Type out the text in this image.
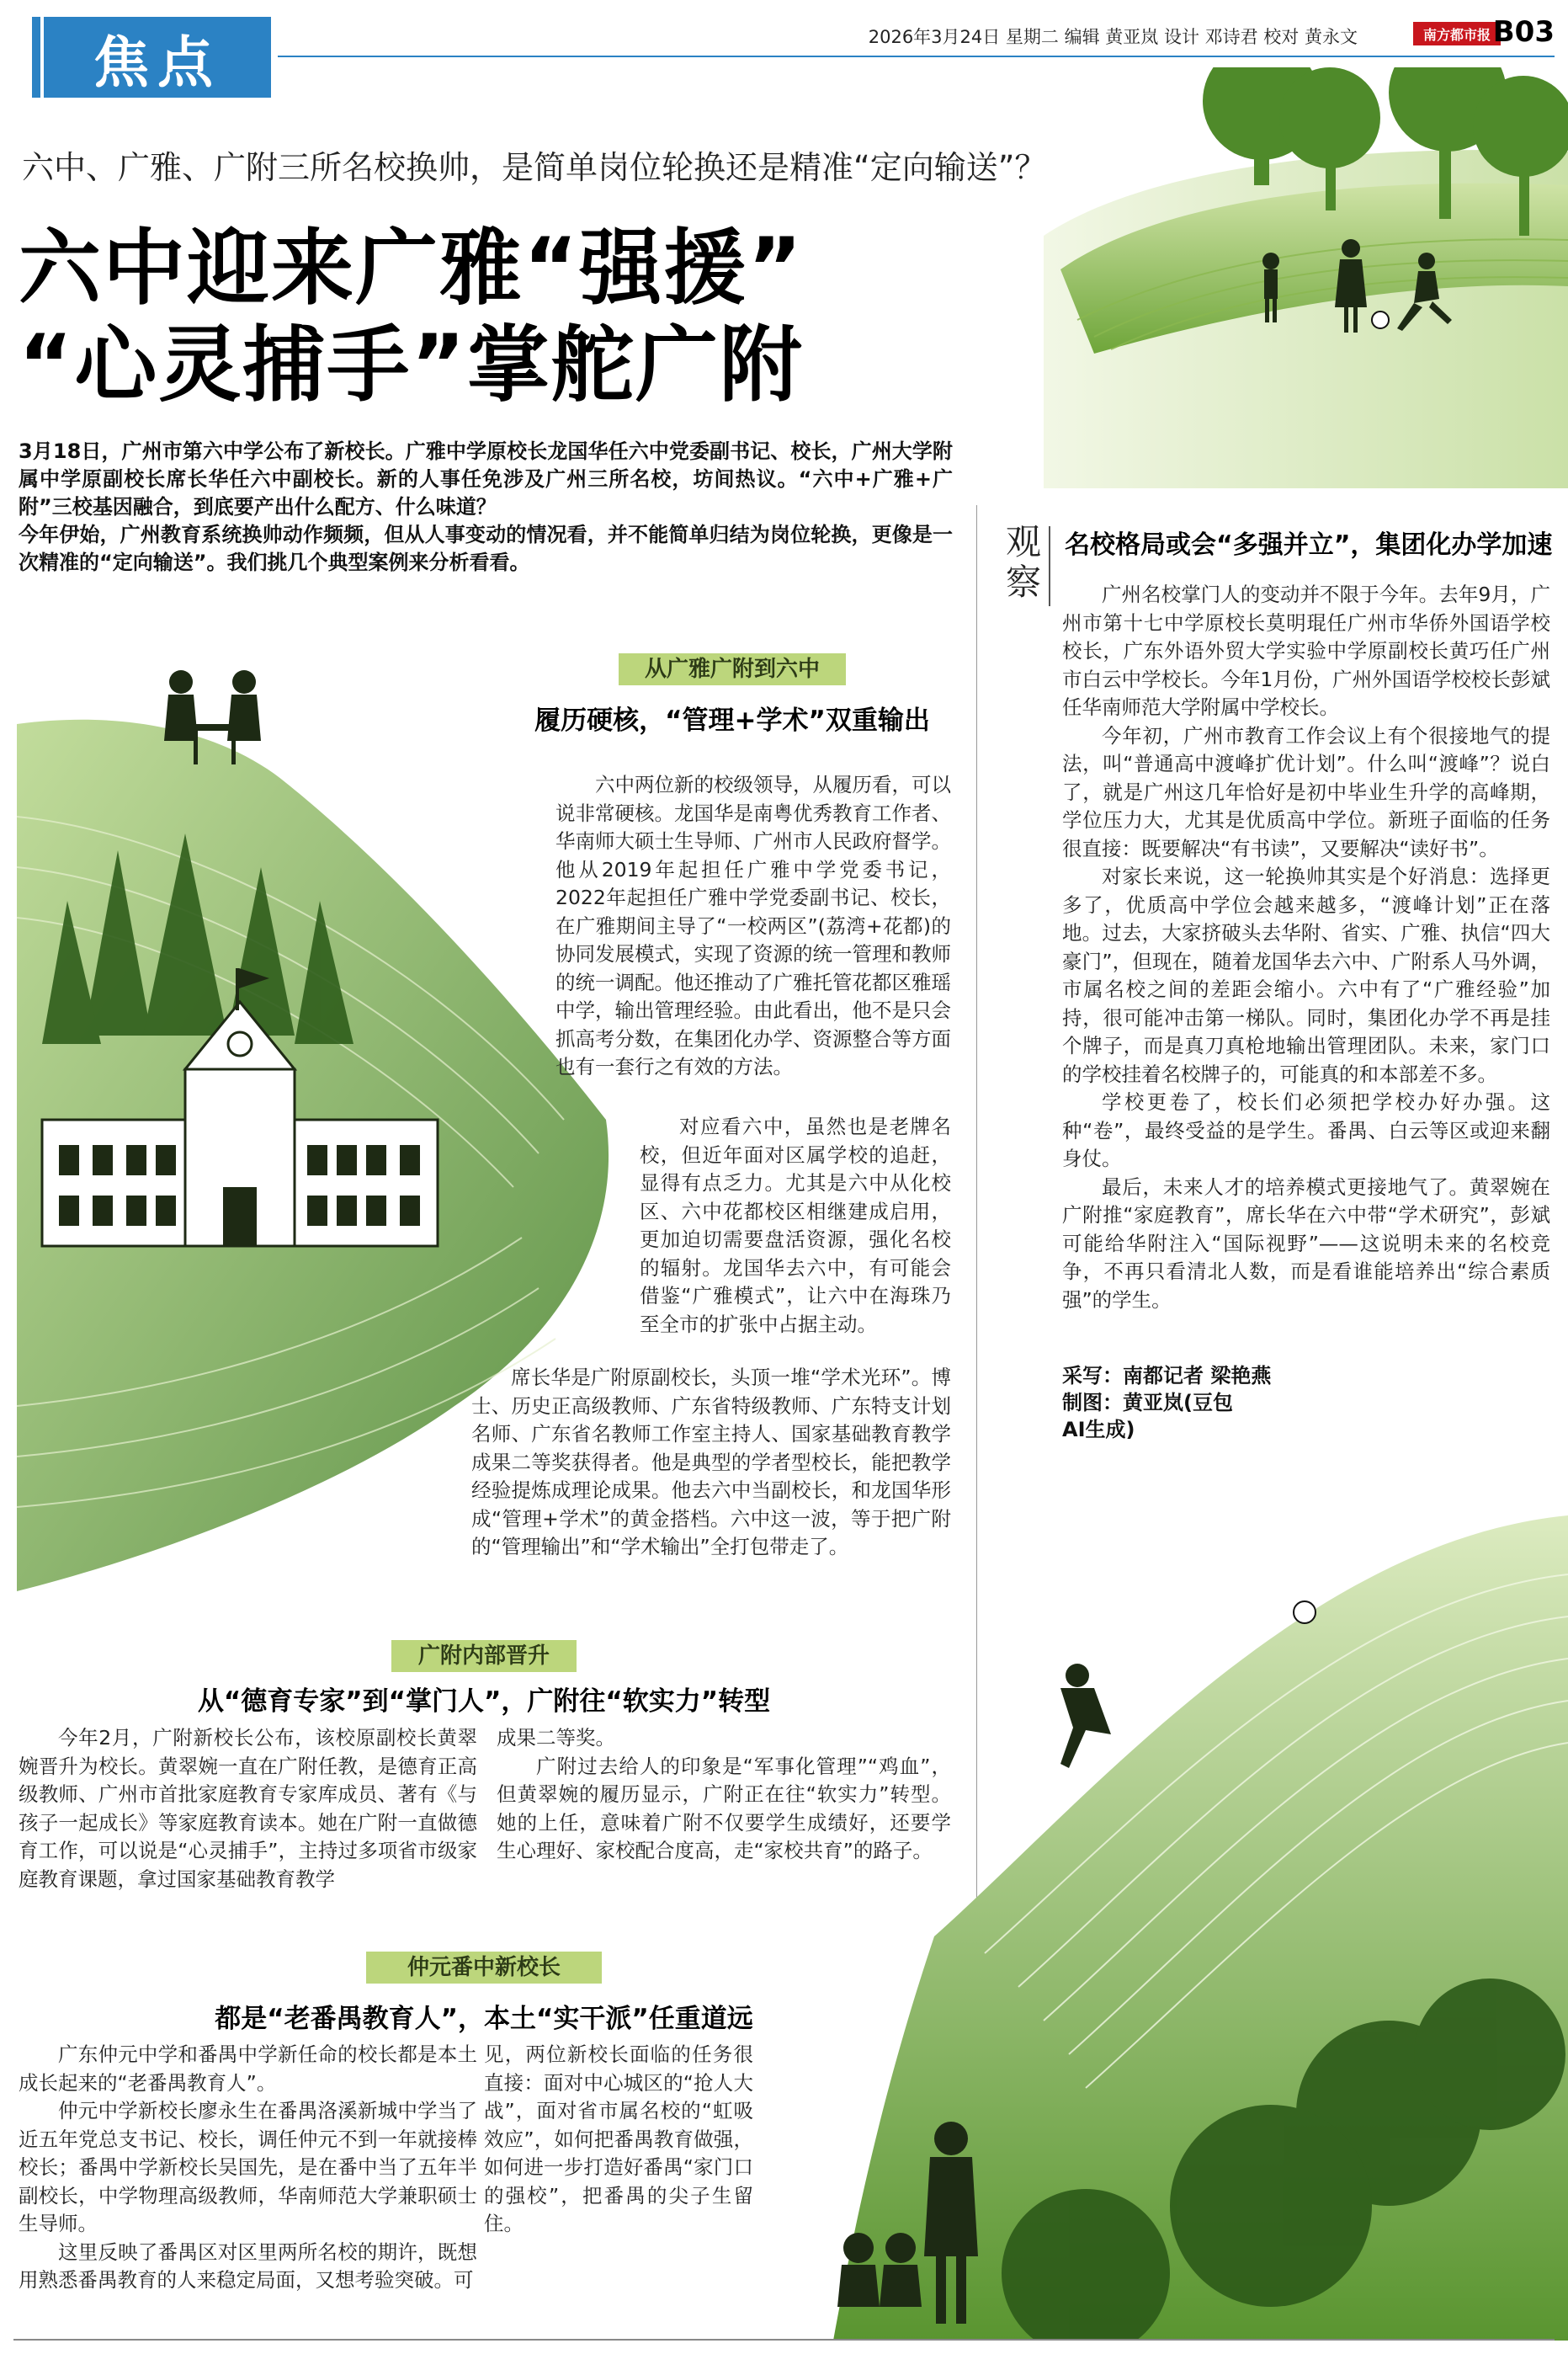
焦点	2026年3月24日 星期二 编辑 黄亚岚 设计 邓诗君 校对 黄永文	南方都市报 B03
六中、广雅、广附三所名校换帅，是简单岗位轮换还是精准“定向输送”？
六中迎来广雅“强援”
“心灵捕手”掌舵广附
3月18日，广州市第六中学公布了新校长。广雅中学原校长龙国华任六中党委副书记、校长，广州大学附属中学原副校长席长华任六中副校长。新的人事任免涉及广州三所名校，坊间热议。“六中+广雅+广附”三校基因融合，到底要产出什么配方、什么味道？
今年伊始，广州教育系统换帅动作频频，但从人事变动的情况看，并不能简单归结为岗位轮换，更像是一次精准的“定向输送”。我们挑几个典型案例来分析看看。
从广雅广附到六中
履历硬核，“管理+学术”双重输出

六中两位新的校级领导，从履历看，可以说非常硬核。龙国华是南粤优秀教育工作者、华南师大硕士生导师、广州市人民政府督学。他从2019年起担任广雅中学党委书记，2022年起担任广雅中学党委副书记、校长，在广雅期间主导了“一校两区”(荔湾+花都)的协同发展模式，实现了资源的统一管理和教师的统一调配。他还推动了广雅托管花都区雅瑶中学，输出管理经验。由此看出，他不是只会抓高考分数，在集团化办学、资源整合等方面也有一套行之有效的方法。

对应看六中，虽然也是老牌名校，但近年面对区属学校的追赶，显得有点乏力。尤其是六中从化校区、六中花都校区相继建成启用，更加迫切需要盘活资源，强化名校的辐射。龙国华去六中，有可能会借鉴“广雅模式”，让六中在海珠乃至全市的扩张中占据主动。

席长华是广附原副校长，头顶一堆“学术光环”。博士、历史正高级教师、广东省特级教师、广东特支计划名师、广东省名教师工作室主持人、国家基础教育教学成果二等奖获得者。他是典型的学者型校长，能把教学经验提炼成理论成果。他去六中当副校长，和龙国华形成“管理+学术”的黄金搭档。六中这一波，等于把广附的“管理输出”和“学术输出”全打包带走了。

广附内部晋升
从“德育专家”到“掌门人”，广附往“软实力”转型

今年2月，广附新校长公布，该校原副校长黄翠婉晋升为校长。黄翠婉一直在广附任教，是德育正高级教师、广州市首批家庭教育专家库成员、著有《与孩子一起成长》等家庭教育读本。她在广附一直做德育工作，可以说是“心灵捕手”，主持过多项省市级家庭教育课题，拿过国家基础教育教学

成果二等奖。

广附过去给人的印象是“军事化管理”“鸡血”，但黄翠婉的履历显示，广附正在往“软实力”转型。她的上任，意味着广附不仅要学生成绩好，还要学生心理好、家校配合度高，走“家校共育”的路子。

仲元番中新校长
都是“老番禺教育人”，本土“实干派”任重道远

广东仲元中学和番禺中学新任命的校长都是本土成长起来的“老番禺教育人”。

仲元中学新校长廖永生在番禺洛溪新城中学当了近五年党总支书记、校长，调任仲元不到一年就接棒校长；番禺中学新校长吴国先，是在番中当了五年半副校长，中学物理高级教师，华南师范大学兼职硕士生导师。

这里反映了番禺区对区里两所名校的期许，既想用熟悉番禺教育的人来稳定局面，又想考验突破。可

见，两位新校长面临的任务很直接：面对中心城区的“抢人大战”，面对省市属名校的“虹吸效应”，如何把番禺教育做强，如何进一步打造好番禺“家门口的强校”，把番禺的尖子生留住。
观
察
名校格局或会“多强并立”，集团化办学加速

广州名校掌门人的变动并不限于今年。去年9月，广州市第十七中学原校长莫明琨任广州市华侨外国语学校校长，广东外语外贸大学实验中学原副校长黄巧任广州市白云中学校长。今年1月份，广州外国语学校校长彭斌任华南师范大学附属中学校长。

今年初，广州市教育工作会议上有个很接地气的提法，叫“普通高中渡峰扩优计划”。什么叫“渡峰”？说白了，就是广州这几年恰好是初中毕业生升学的高峰期，学位压力大，尤其是优质高中学位。新班子面临的任务很直接：既要解决“有书读”，又要解决“读好书”。

对家长来说，这一轮换帅其实是个好消息：选择更多了，优质高中学位会越来越多，“渡峰计划”正在落地。过去，大家挤破头去华附、省实、广雅、执信“四大豪门”，但现在，随着龙国华去六中、广附系人马外调，市属名校之间的差距会缩小。六中有了“广雅经验”加持，很可能冲击第一梯队。同时，集团化办学不再是挂个牌子，而是真刀真枪地输出管理团队。未来，家门口的学校挂着名校牌子的，可能真的和本部差不多。

学校更卷了，校长们必须把学校办好办强。这种“卷”，最终受益的是学生。番禺、白云等区或迎来翻身仗。

最后，未来人才的培养模式更接地气了。黄翠婉在广附推“家庭教育”，席长华在六中带“学术研究”，彭斌可能给华附注入“国际视野”——这说明未来的名校竞争，不再只看清北人数，而是看谁能培养出“综合素质强”的学生。

采写：南都记者 梁艳燕
制图：黄亚岚(豆包
AI生成)
